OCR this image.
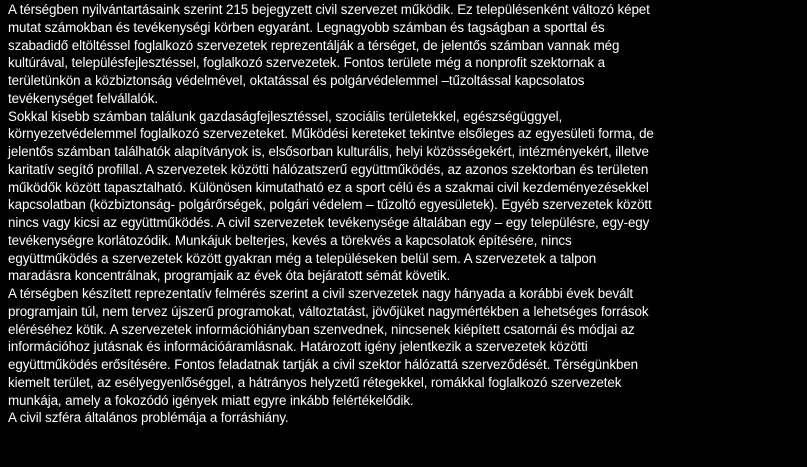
A térségben nyilvántartásaink szerint 215 bejegyzett civil szervezet működik. Ez településenként változó képet
mutat számokban és tevékenységi körben egyaránt. Legnagyobb számban és tagságban a sporttal és
szabadidő eltöltéssel foglalkozó szervezetek reprezentálják a térséget, de jelentős számban vannak még
kultúrával, településfejlesztéssel, foglalkozó szervezetek. Fontos területe még a nonprofit szektornak a
területünkön a közbiztonság védelmével, oktatással és polgárvédelemmel –tűzoltással kapcsolatos
tevékenységet felvállalók.
Sokkal kisebb számban találunk gazdaságfejlesztéssel, szociális területekkel, egészségüggyel,
környezetvédelemmel foglalkozó szervezeteket. Működési kereteket tekintve elsőleges az egyesületi forma, de
jelentős számban találhatók alapítványok is, elsősorban kulturális, helyi közösségekért, intézményekért, illetve
karitatív segítő profillal. A szervezetek közötti hálózatszerű együttműködés, az azonos szektorban és területen
működők között tapasztalható. Különösen kimutatható ez a sport célú és a szakmai civil kezdeményezésekkel
kapcsolatban (közbiztonság- polgárőrségek, polgári védelem – tűzoltó egyesületek). Egyéb szervezetek között
nincs vagy kicsi az együttműködés. A civil szervezetek tevékenysége általában egy – egy településre, egy-egy
tevékenységre korlátozódik. Munkájuk belterjes, kevés a törekvés a kapcsolatok építésére, nincs
együttműködés a szervezetek között gyakran még a településeken belül sem. A szervezetek a talpon
maradásra koncentrálnak, programjaik az évek óta bejáratott sémát követik.
A térségben készített reprezentatív felmérés szerint a civil szervezetek nagy hányada a korábbi évek bevált
programjain túl, nem tervez újszerű programokat, változtatást, jövőjüket nagymértékben a lehetséges források
eléréséhez kötik. A szervezetek információhiányban szenvednek, nincsenek kiépített csatornái és módjai az
információhoz jutásnak és információáramlásnak. Határozott igény jelentkezik a szervezetek közötti
együttműködés erősítésére. Fontos feladatnak tartják a civil szektor hálózattá szerveződését. Térségünkben
kiemelt terület, az esélyegyenlőséggel, a hátrányos helyzetű rétegekkel, romákkal foglalkozó szervezetek
munkája, amely a fokozódó igények miatt egyre inkább felértékelődik.
A civil szféra általános problémája a forráshiány.
